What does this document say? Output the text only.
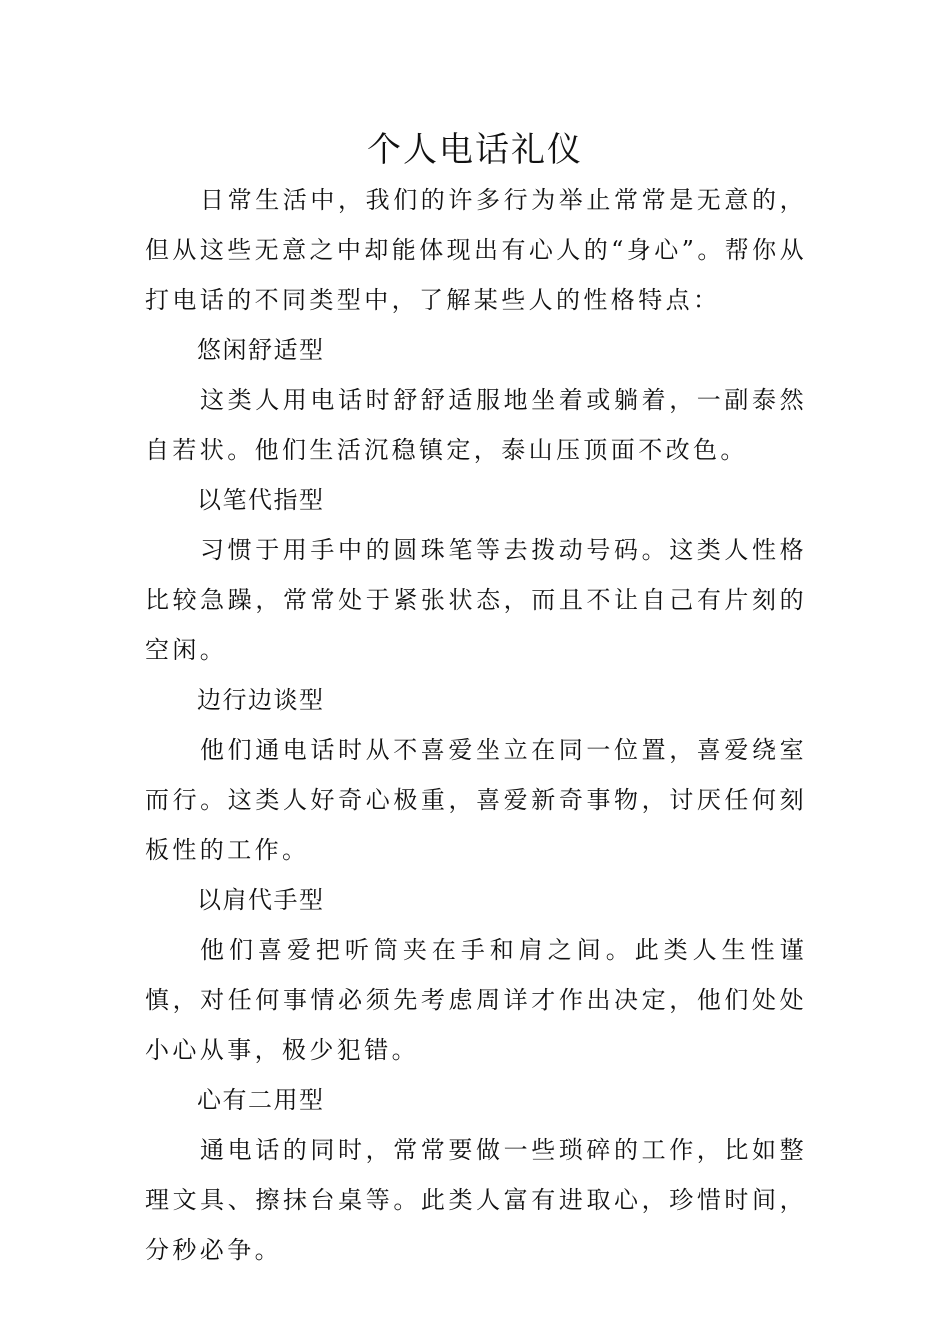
个人电话礼仪

日常生活中，我们的许多行为举止常常是无意的，但从这些无意之中却能体现出有心人的“身心”。帮你从打电话的不同类型中，了解某些人的性格特点：

悠闲舒适型

这类人用电话时舒舒适服地坐着或躺着，一副泰然自若状。他们生活沉稳镇定，泰山压顶面不改色。

以笔代指型

习惯于用手中的圆珠笔等去拨动号码。这类人性格比较急躁，常常处于紧张状态，而且不让自己有片刻的空闲。

边行边谈型

他们通电话时从不喜爱坐立在同一位置，喜爱绕室而行。这类人好奇心极重，喜爱新奇事物，讨厌任何刻板性的工作。

以肩代手型

他们喜爱把听筒夹在手和肩之间。此类人生性谨慎，对任何事情必须先考虑周详才作出决定，他们处处小心从事，极少犯错。

心有二用型

通电话的同时，常常要做一些琐碎的工作，比如整理文具、擦抹台桌等。此类人富有进取心，珍惜时间，分秒必争。
